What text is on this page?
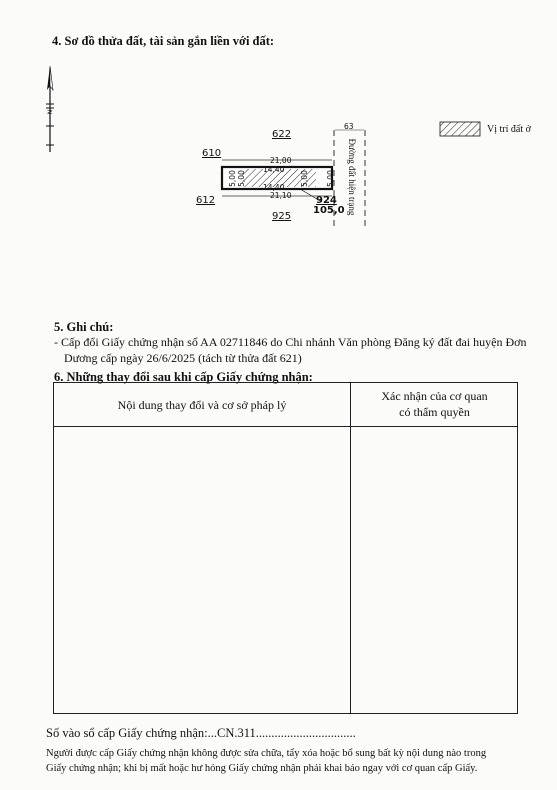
4. Sơ đồ thửa đất, tài sản gắn liền với đất:
N
622
610
612
925
924
105,0
21,00
14,40
14,40
21,10
5,00 5,00	5,00 5,00
63
Đường đất hiện trạng
Vị trí đất ở
5. Ghi chú:
- Cấp đổi Giấy chứng nhận số AA 02711846 do Chi nhánh Văn phòng Đăng ký đất đai huyện Đơn
Dương cấp ngày 26/6/2025 (tách từ thửa đất 621)
6. Những thay đổi sau khi cấp Giấy chứng nhận:
Nội dung thay đổi và cơ sở pháp lý
Xác nhận của cơ quan
có thẩm quyền
Số vào sổ cấp Giấy chứng nhận:...CN.311................................
Người được cấp Giấy chứng nhận không được sửa chữa, tẩy xóa hoặc bổ sung bất kỳ nội dung nào trong
Giấy chứng nhận; khi bị mất hoặc hư hỏng Giấy chứng nhận phải khai báo ngay với cơ quan cấp Giấy.
